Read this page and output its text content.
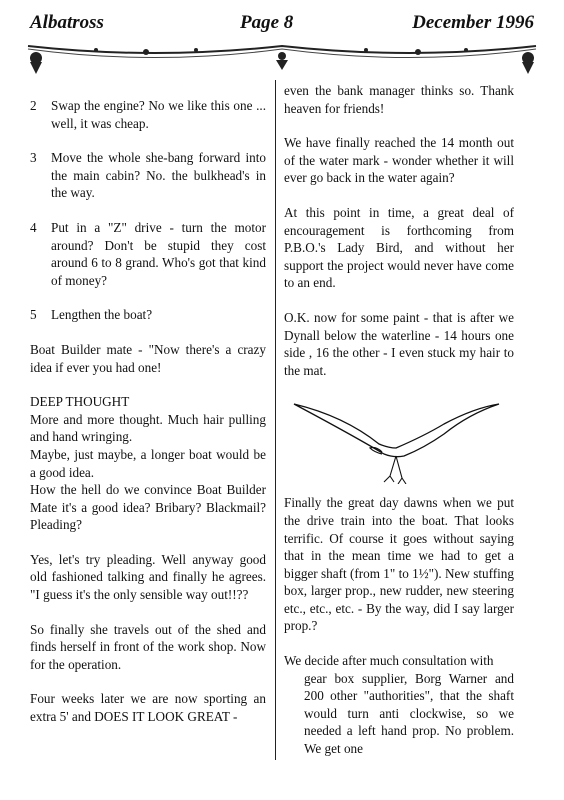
Albatross	Page 8	December 1996
2	Swap the engine? No we like this one ... well, it was cheap.
3	Move the whole she-bang forward into the main cabin? No. the bulkhead's in the way.
4	Put in a "Z" drive - turn the motor around? Don't be stupid they cost around 6 to 8 grand. Who's got that kind of money?
5	Lengthen the boat?

Boat Builder mate - "Now there's a crazy idea if ever you had one!

DEEP THOUGHT

More and more thought. Much hair pulling and hand wringing.

Maybe, just maybe, a longer boat would be a good idea.

How the hell do we convince Boat Builder Mate it's a good idea? Bribary? Blackmail? Pleading?

Yes, let's try pleading. Well anyway good old fashioned talking and finally he agrees. "I guess it's the only sensible way out!!??

So finally she travels out of the shed and finds herself in front of the work shop. Now for the operation.

Four weeks later we are now sporting an extra 5' and DOES IT LOOK GREAT -

even the bank manager thinks so. Thank heaven for friends!

We have finally reached the 14 month out of the water mark - wonder whether it will ever go back in the water again?

At this point in time, a great deal of encouragement is forthcoming from P.B.O.'s Lady Bird, and without her support the project would never have come to an end.

O.K. now for some paint - that is after we Dynall below the waterline - 14 hours one side , 16 the other - I even stuck my hair to the mat.

Finally the great day dawns when we put the drive train into the boat. That looks terrific. Of course it goes without saying that in the mean time we had to get a bigger shaft (from 1" to 1½"). New stuffing box, larger prop., new rudder, new steering etc., etc., etc. - By the way, did I say larger prop.?

We decide after much consultation with

gear box supplier, Borg Warner and 200 other "authorities", that the shaft would turn anti clockwise, so we needed a left hand prop. No problem. We get one
